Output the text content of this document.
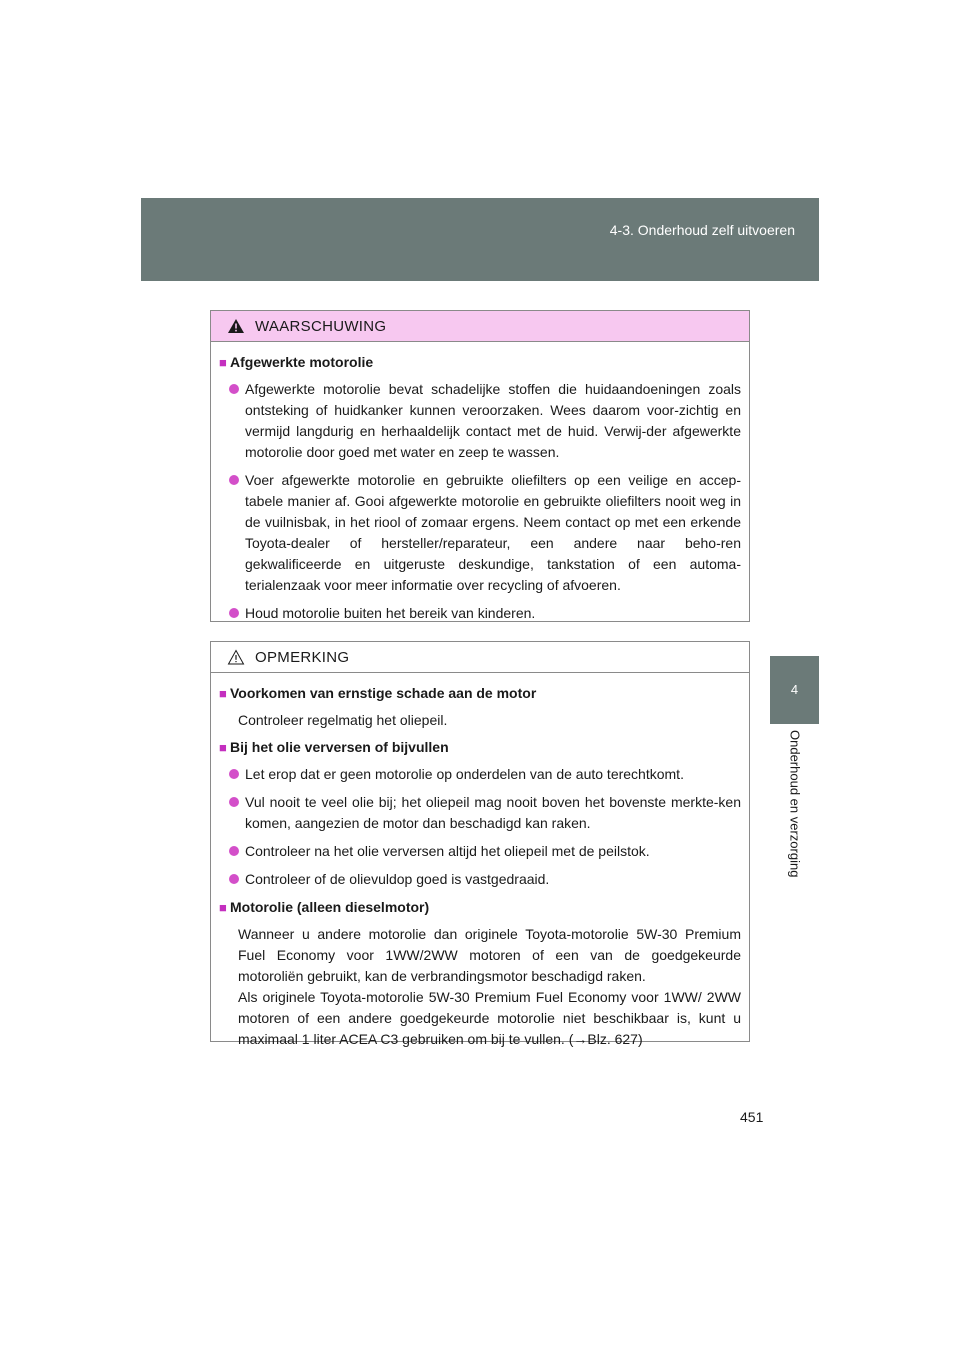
4-3. Onderhoud zelf uitvoeren
4
Onderhoud en verzorging
WAARSCHUWING
■ Afgewerkte motorolie
Afgewerkte motorolie bevat schadelijke stoffen die huidaandoeningen zoals ontsteking of huidkanker kunnen veroorzaken. Wees daarom voor-zichtig en vermijd langdurig en herhaaldelijk contact met de huid. Verwij-der afgewerkte motorolie door goed met water en zeep te wassen.
Voer afgewerkte motorolie en gebruikte oliefilters op een veilige en accep-tabele manier af. Gooi afgewerkte motorolie en gebruikte oliefilters nooit weg in de vuilnisbak, in het riool of zomaar ergens. Neem contact op met een erkende Toyota-dealer of hersteller/reparateur, een andere naar beho-ren gekwalificeerde en uitgeruste deskundige, tankstation of een automa-terialenzaak voor meer informatie over recycling of afvoeren.
Houd motorolie buiten het bereik van kinderen.
OPMERKING
■ Voorkomen van ernstige schade aan de motor
Controleer regelmatig het oliepeil.
■ Bij het olie verversen of bijvullen
Let erop dat er geen motorolie op onderdelen van de auto terechtkomt.
Vul nooit te veel olie bij; het oliepeil mag nooit boven het bovenste merkte-ken komen, aangezien de motor dan beschadigd kan raken.
Controleer na het olie verversen altijd het oliepeil met de peilstok.
Controleer of de olievuldop goed is vastgedraaid.
■ Motorolie (alleen dieselmotor)
Wanneer u andere motorolie dan originele Toyota-motorolie 5W-30 Premium Fuel Economy voor 1WW/2WW motoren of een van de goedgekeurde motoroliën gebruikt, kan de verbrandingsmotor beschadigd raken.
Als originele Toyota-motorolie 5W-30 Premium Fuel Economy voor 1WW/ 2WW motoren of een andere goedgekeurde motorolie niet beschikbaar is, kunt u maximaal 1 liter ACEA C3 gebruiken om bij te vullen. (→Blz. 627)
451
